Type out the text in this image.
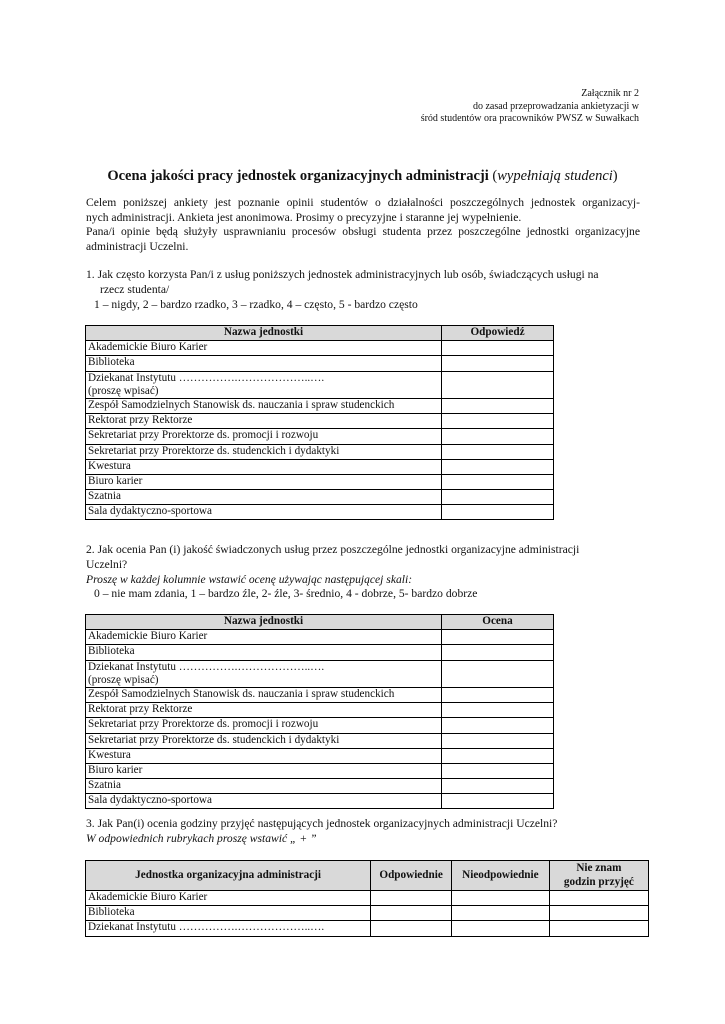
Załącznik nr 2
do zasad przeprowadzania ankietyzacji w
śród studentów ora pracowników PWSZ w Suwałkach
Ocena jakości pracy jednostek organizacyjnych administracji (wypełniają studenci)
Celem poniższej ankiety jest poznanie opinii studentów o działalności poszczególnych jednostek organizacyj-
nych administracji. Ankieta jest anonimowa. Prosimy o precyzyjne i staranne jej wypełnienie.
Pana/i opinie będą służyły usprawnianiu procesów obsługi studenta przez poszczególne jednostki organizacyjne
administracji Uczelni.
1. Jak często korzysta Pan/i z usług poniższych jednostek administracyjnych lub osób, świadczących usługi na
rzecz studenta/
1 – nigdy, 2 – bardzo rzadko, 3 – rzadko, 4 – często, 5 - bardzo często
Nazwa jednostki	Odpowiedź
Akademickie Biuro Karier	
Biblioteka	

Dziekanat Instytutu …………….………………..….
(proszę wpisać)	

Zespół Samodzielnych Stanowisk ds. nauczania i spraw studenckich	
Rektorat przy Rektorze	
Sekretariat przy Prorektorze ds. promocji i rozwoju	
Sekretariat przy Prorektorze ds. studenckich i dydaktyki	
Kwestura	
Biuro karier	
Szatnia	
Sala dydaktyczno-sportowa	
2. Jak ocenia Pan (i) jakość świadczonych usług przez poszczególne jednostki organizacyjne administracji
Uczelni?
Proszę w każdej kolumnie wstawić ocenę używając następującej skali:
0 – nie mam zdania, 1 – bardzo źle, 2- źle, 3- średnio, 4 - dobrze, 5- bardzo dobrze
Nazwa jednostki	Ocena
Akademickie Biuro Karier	
Biblioteka	

Dziekanat Instytutu …………….………………..….
(proszę wpisać)	

Zespół Samodzielnych Stanowisk ds. nauczania i spraw studenckich	
Rektorat przy Rektorze	
Sekretariat przy Prorektorze ds. promocji i rozwoju	
Sekretariat przy Prorektorze ds. studenckich i dydaktyki	
Kwestura	
Biuro karier	
Szatnia	
Sala dydaktyczno-sportowa	
3. Jak Pan(i) ocenia godziny przyjęć następujących jednostek organizacyjnych administracji Uczelni?
W odpowiednich rubrykach proszę wstawić „ + ”
Jednostka organizacyjna administracji	Odpowiednie	Nieodpowiednie	Nie znam
godzin przyjęć

Akademickie Biuro Karier			
Biblioteka			
Dziekanat Instytutu …………….………………..….			
